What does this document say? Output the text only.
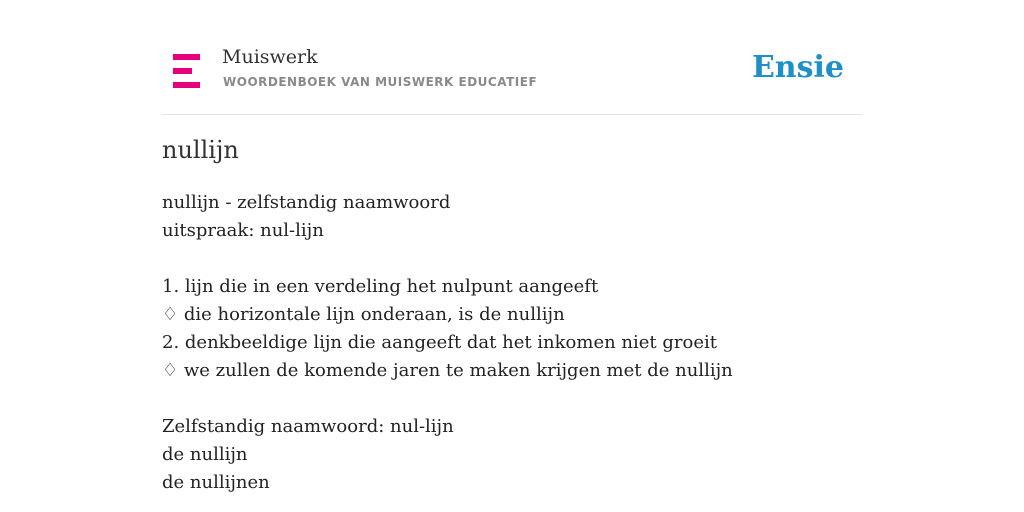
Muiswerk
WOORDENBOEK VAN MUISWERK EDUCATIEF	Ensie
nullijn
nullijn - zelfstandig naamwoord
uitspraak: nul-lijn
1. lijn die in een verdeling het nulpunt aangeeft
♢ die horizontale lijn onderaan, is de nullijn
2. denkbeeldige lijn die aangeeft dat het inkomen niet groeit
♢ we zullen de komende jaren te maken krijgen met de nullijn
Zelfstandig naamwoord: nul-lijn
de nullijn
de nullijnen
